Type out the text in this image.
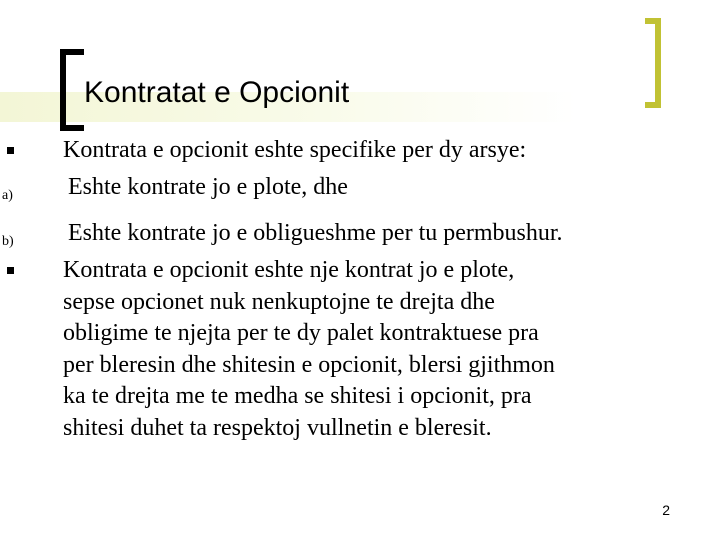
Kontratat e Opcionit
Kontrata e opcionit eshte specifike per dy arsye:
a) Eshte kontrate jo e plote, dhe
b) Eshte kontrate jo e obligueshme per tu permbushur.
Kontrata e opcionit eshte nje kontrat jo e plote,
sepse opcionet nuk nenkuptojne te drejta dhe
obligime te njejta per te dy palet kontraktuese pra
per bleresin dhe shitesin e opcionit, blersi gjithmon
ka te drejta me te medha se shitesi i opcionit, pra
shitesi duhet ta respektoj vullnetin e bleresit.
2
